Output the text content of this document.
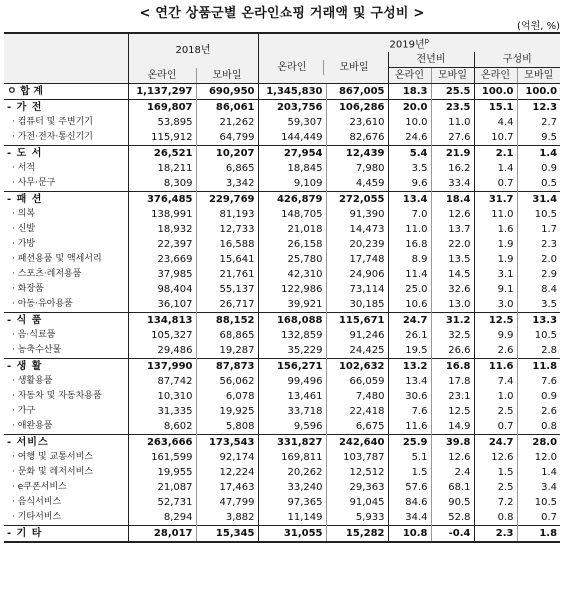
< 연간 상품군별 온라인쇼핑 거래액 및 구성비 >
(억원, %)
	2018년		2019년$^p$

			온라인 모바일		전년비		구성비	
	온라인	모바일			온라인	모바일	온라인	모바일
ㅇ 합 계	1,137,297	690,950	1,345,830	867,005	18.3	25.5	100.0	100.0
- 가 전	169,807	86,061	203,756	106,286	20.0	23.5	15.1	12.3
· 컴퓨터 및 주변기기	53,895	21,262	59,307	23,610	10.0	11.0	4.4	2.7
· 가전·전자·통신기기	115,912	64,799	144,449	82,676	24.6	27.6	10.7	9.5
- 도 서	26,521	10,207	27,954	12,439	5.4	21.9	2.1	1.4
· 서적	18,211	6,865	18,845	7,980	3.5	16.2	1.4	0.9
· 사무·문구	8,309	3,342	9,109	4,459	9.6	33.4	0.7	0.5
- 패 션	376,485	229,769	426,879	272,055	13.4	18.4	31.7	31.4
· 의복	138,991	81,193	148,705	91,390	7.0	12.6	11.0	10.5
· 신발	18,932	12,733	21,018	14,473	11.0	13.7	1.6	1.7
· 가방	22,397	16,588	26,158	20,239	16.8	22.0	1.9	2.3
· 패션용품 및 액세서리	23,669	15,641	25,780	17,748	8.9	13.5	1.9	2.0
· 스포츠·레저용품	37,985	21,761	42,310	24,906	11.4	14.5	3.1	2.9
· 화장품	98,404	55,137	122,986	73,114	25.0	32.6	9.1	8.4
· 아동·유아용품	36,107	26,717	39,921	30,185	10.6	13.0	3.0	3.5
- 식 품	134,813	88,152	168,088	115,671	24.7	31.2	12.5	13.3
· 음·식료품	105,327	68,865	132,859	91,246	26.1	32.5	9.9	10.5
· 농축수산물	29,486	19,287	35,229	24,425	19.5	26.6	2.6	2.8
- 생 활	137,990	87,873	156,271	102,632	13.2	16.8	11.6	11.8
· 생활용품	87,742	56,062	99,496	66,059	13.4	17.8	7.4	7.6
· 자동차 및 자동차용품	10,310	6,078	13,461	7,480	30.6	23.1	1.0	0.9
· 가구	31,335	19,925	33,718	22,418	7.6	12.5	2.5	2.6
· 애완용품	8,602	5,808	9,596	6,675	11.6	14.9	0.7	0.8
- 서비스	263,666	173,543	331,827	242,640	25.9	39.8	24.7	28.0
· 여행 및 교통서비스	161,599	92,174	169,811	103,787	5.1	12.6	12.6	12.0
· 문화 및 레저서비스	19,955	12,224	20,262	12,512	1.5	2.4	1.5	1.4
· e쿠폰서비스	21,087	17,463	33,240	29,363	57.6	68.1	2.5	3.4
· 음식서비스	52,731	47,799	97,365	91,045	84.6	90.5	7.2	10.5
· 기타서비스	8,294	3,882	11,149	5,933	34.4	52.8	0.8	0.7
- 기 타	28,017	15,345	31,055	15,282	10.8	-0.4	2.3	1.8
